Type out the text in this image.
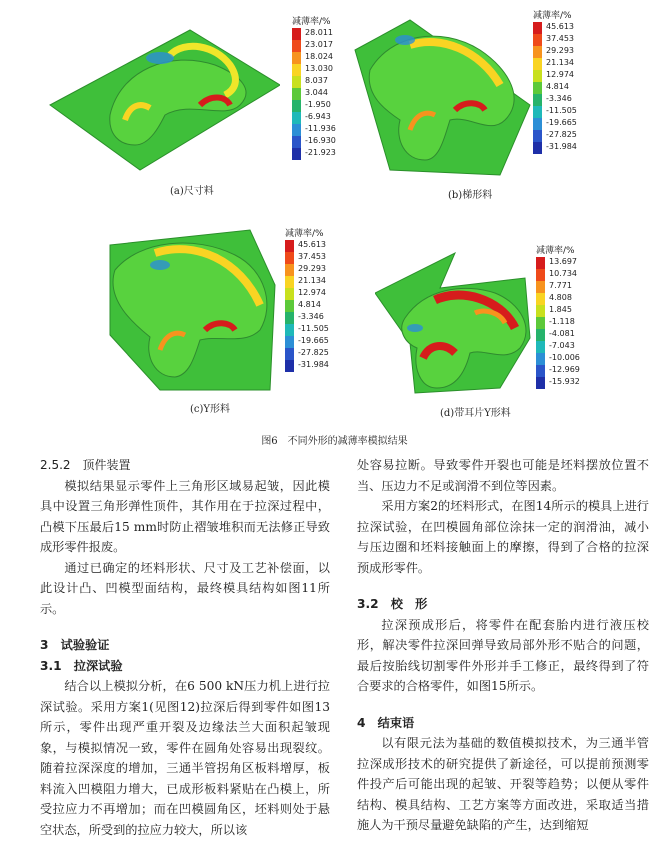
减薄率/%
28.011
23.017
18.024
13.030
8.037
3.044
-1.950
-6.943
-11.936
-16.930
-21.923
(a)尺寸料
减薄率/%
45.613
37.453
29.293
21.134
12.974
4.814
-3.346
-11.505
-19.665
-27.825
-31.984
(b)梯形料
减薄率/%
45.613
37.453
29.293
21.134
12.974
4.814
-3.346
-11.505
-19.665
-27.825
-31.984
(c)Y形料
减薄率/%
13.697
10.734
7.771
4.808
1.845
-1.118
-4.081
-7.043
-10.006
-12.969
-15.932
(d)带耳片Y形料
图6　不同外形的减薄率模拟结果
2.5.2　顶件装置

模拟结果显示零件上三角形区域易起皱，因此模具中设置三角形弹性顶件，其作用在于拉深过程中，凸模下压最后15 mm时防止褶皱堆积而无法修正导致成形零件报废。

通过已确定的坯料形状、尺寸及工艺补偿面，以此设计凸、凹模型面结构，最终模具结构如图11所示。

3　试验验证
3.1　拉深试验

结合以上模拟分析，在6 500 kN压力机上进行拉深试验。采用方案1(见图12)拉深后得到零件如图13所示，零件出现严重开裂及边缘法兰大面积起皱现象，与模拟情况一致，零件在圆角处容易出现裂纹。随着拉深深度的增加，三通半管拐角区板料增厚，板料流入凹模阻力增大，已成形板料紧贴在凸模上，所受拉应力不再增加；而在凹模圆角区，坯料则处于悬空状态，所受到的拉应力较大，所以该

处容易拉断。导致零件开裂也可能是坯料摆放位置不当、压边力不足或润滑不到位等因素。

采用方案2的坯料形式，在图14所示的模具上进行拉深试验，在凹模圆角部位涂抹一定的润滑油，减小与压边圈和坯料接触面上的摩擦，得到了合格的拉深预成形零件。

3.2　校　形

拉深预成形后，将零件在配套胎内进行液压校形，解决零件拉深回弹导致局部外形不贴合的问题，最后按胎线切割零件外形并手工修正，最终得到了符合要求的合格零件，如图15所示。

4　结束语

以有限元法为基础的数值模拟技术，为三通半管拉深成形技术的研究提供了新途径，可以提前预测零件投产后可能出现的起皱、开裂等趋势；以便从零件结构、模具结构、工艺方案等方面改进，采取适当措施人为干预尽量避免缺陷的产生，达到缩短
